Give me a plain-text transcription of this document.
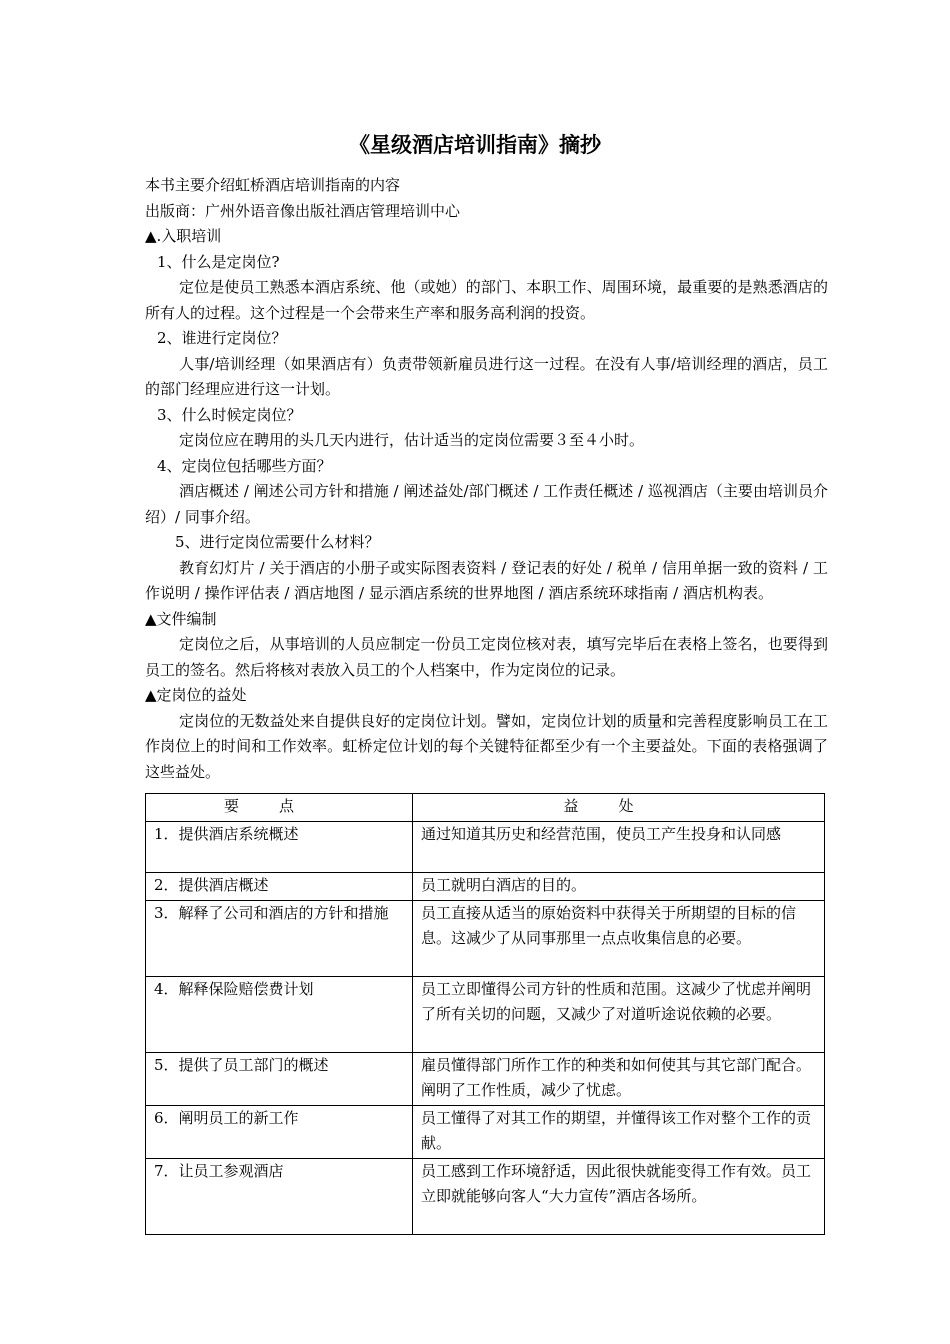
《星级酒店培训指南》摘抄
本书主要介绍虹桥酒店培训指南的内容
出版商：广州外语音像出版社酒店管理培训中心
▲.入职培训
1、什么是定岗位?
定位是使员工熟悉本酒店系统、他（或她）的部门、本职工作、周围环境，最重要的是熟悉酒店的所有人的过程。这个过程是一个会带来生产率和服务高利润的投资。
2、谁进行定岗位？
人事/培训经理（如果酒店有）负责带领新雇员进行这一过程。在没有人事/培训经理的酒店，员工的部门经理应进行这一计划。
3、什么时候定岗位？
定岗位应在聘用的头几天内进行，估计适当的定岗位需要３至４小时。
4、定岗位包括哪些方面？
酒店概述 / 阐述公司方针和措施 / 阐述益处/部门概述 / 工作责任概述 / 巡视酒店（主要由培训员介绍）/ 同事介绍。
5、进行定岗位需要什么材料？
教育幻灯片 / 关于酒店的小册子或实际图表资料 / 登记表的好处 / 税单 / 信用单据一致的资料 / 工作说明 / 操作评估表 / 酒店地图 / 显示酒店系统的世界地图 / 酒店系统环球指南 / 酒店机构表。
▲文件编制
定岗位之后，从事培训的人员应制定一份员工定岗位核对表，填写完毕后在表格上签名，也要得到员工的签名。然后将核对表放入员工的个人档案中，作为定岗位的记录。
▲定岗位的益处
定岗位的无数益处来自提供良好的定岗位计划。譬如，定岗位计划的质量和完善程度影响员工在工作岗位上的时间和工作效率。虹桥定位计划的每个关键特征都至少有一个主要益处。下面的表格强调了这些益处。
要点	益处
1．提供酒店系统概述	通过知道其历史和经营范围，使员工产生投身和认同感
2．提供酒店概述	员工就明白酒店的目的。
3．解释了公司和酒店的方针和措施	员工直接从适当的原始资料中获得关于所期望的目标的信息。这减少了从同事那里一点点收集信息的必要。
4．解释保险赔偿费计划	员工立即懂得公司方针的性质和范围。这减少了忧虑并阐明了所有关切的问题，又减少了对道听途说依赖的必要。
5．提供了员工部门的概述	雇员懂得部门所作工作的种类和如何使其与其它部门配合。阐明了工作性质，减少了忧虑。
6．阐明员工的新工作	员工懂得了对其工作的期望，并懂得该工作对整个工作的贡献。
7．让员工参观酒店	员工感到工作环境舒适，因此很快就能变得工作有效。员工立即就能够向客人“大力宣传”酒店各场所。
